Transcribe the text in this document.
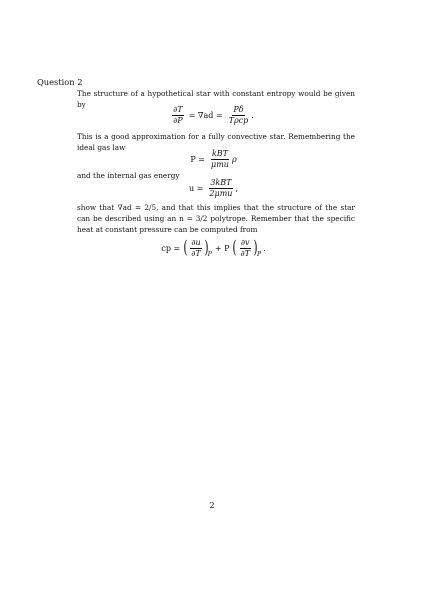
Question 2
The structure of a hypothetical star with constant entropy would be given by
$\frac{\partial T}{\partial P} = \nabla ad = \frac{P\delta}{\text{Tρcp}}$ .
This is a good approximation for a fully convective star. Remembering the ideal gas law
$P = \frac{\text{kBT}}{\text{μmu}}$ ρ
and the internal gas energy
$u = \frac{\text{3kBT}}{\text{2μmu}}$ ,
show that ∇ad = 2/5, and that this implies that the structure of the star can be described using an n = 3/2 polytrope. Remember that the specific heat at constant pressure can be computed from
cp = ( $\frac{\partial u}{\partial T}$ ) P
+ P ( $\frac{\partial v}{\partial T}$ ) P
.
2
